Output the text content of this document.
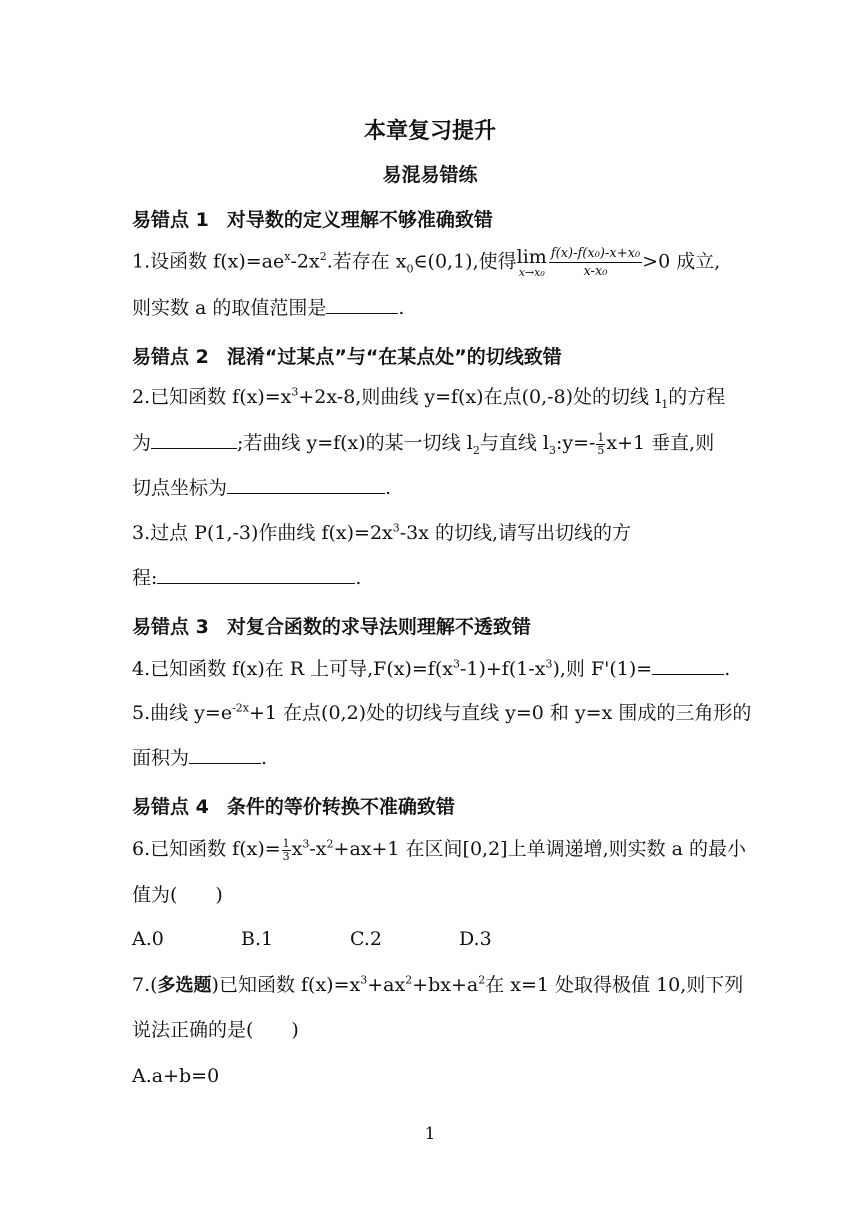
本章复习提升
易混易错练
易错点 1 对导数的定义理解不够准确致错
1.设函数 $f(x)=ae^x-2x^2$.若存在 $x_0\in(0,1)$,使得 lim
$x\to x_0 \frac{\text{f(x)-f(x₀)-x+x₀}}{\text{x-x₀}} >0$ 成立,
则实数 a 的取值范围是	.
易错点 2 混淆“过某点”与“在某点处”的切线致错
2.已知函数 $f(x)=x^3+2x-8$,则曲线 y=f(x)在点(0,-8)处的切线 $l_1$的方程
为	;若曲线 y=f(x)的某一切线 $l_2$与直线 $l_3:y=- \frac{1}{5} x+1$ 垂直,则
切点坐标为	.
3.过点 P(1,-3)作曲线 $f(x)=2x^3-3x$ 的切线,请写出切线的方
程:	.
易错点 3 对复合函数的求导法则理解不透致错
4.已知函数 f(x)在 R 上可导$,F(x)=f(x^3-1)+f(1-x^3)$,则 F'(1)=	.
5.曲线 $y=e^{-2x}+1$ 在点(0,2)处的切线与直线 y=0 和 y=x 围成的三角形的
面积为	.
易错点 4 条件的等价转换不准确致错
6.已知函数 $f(x)= \frac{1}{3} x^3-x^2+ax+1$ 在区间[0,2]上单调递增,则实数 a 的最小
值为(　　)
A.0	B.1	C.2	D.3
7.(多选题)已知函数 $f(x)=x^3+ax^2+bx+a^2$在 x=1 处取得极值 10,则下列
说法正确的是(　　)
A.a+b=0
1
